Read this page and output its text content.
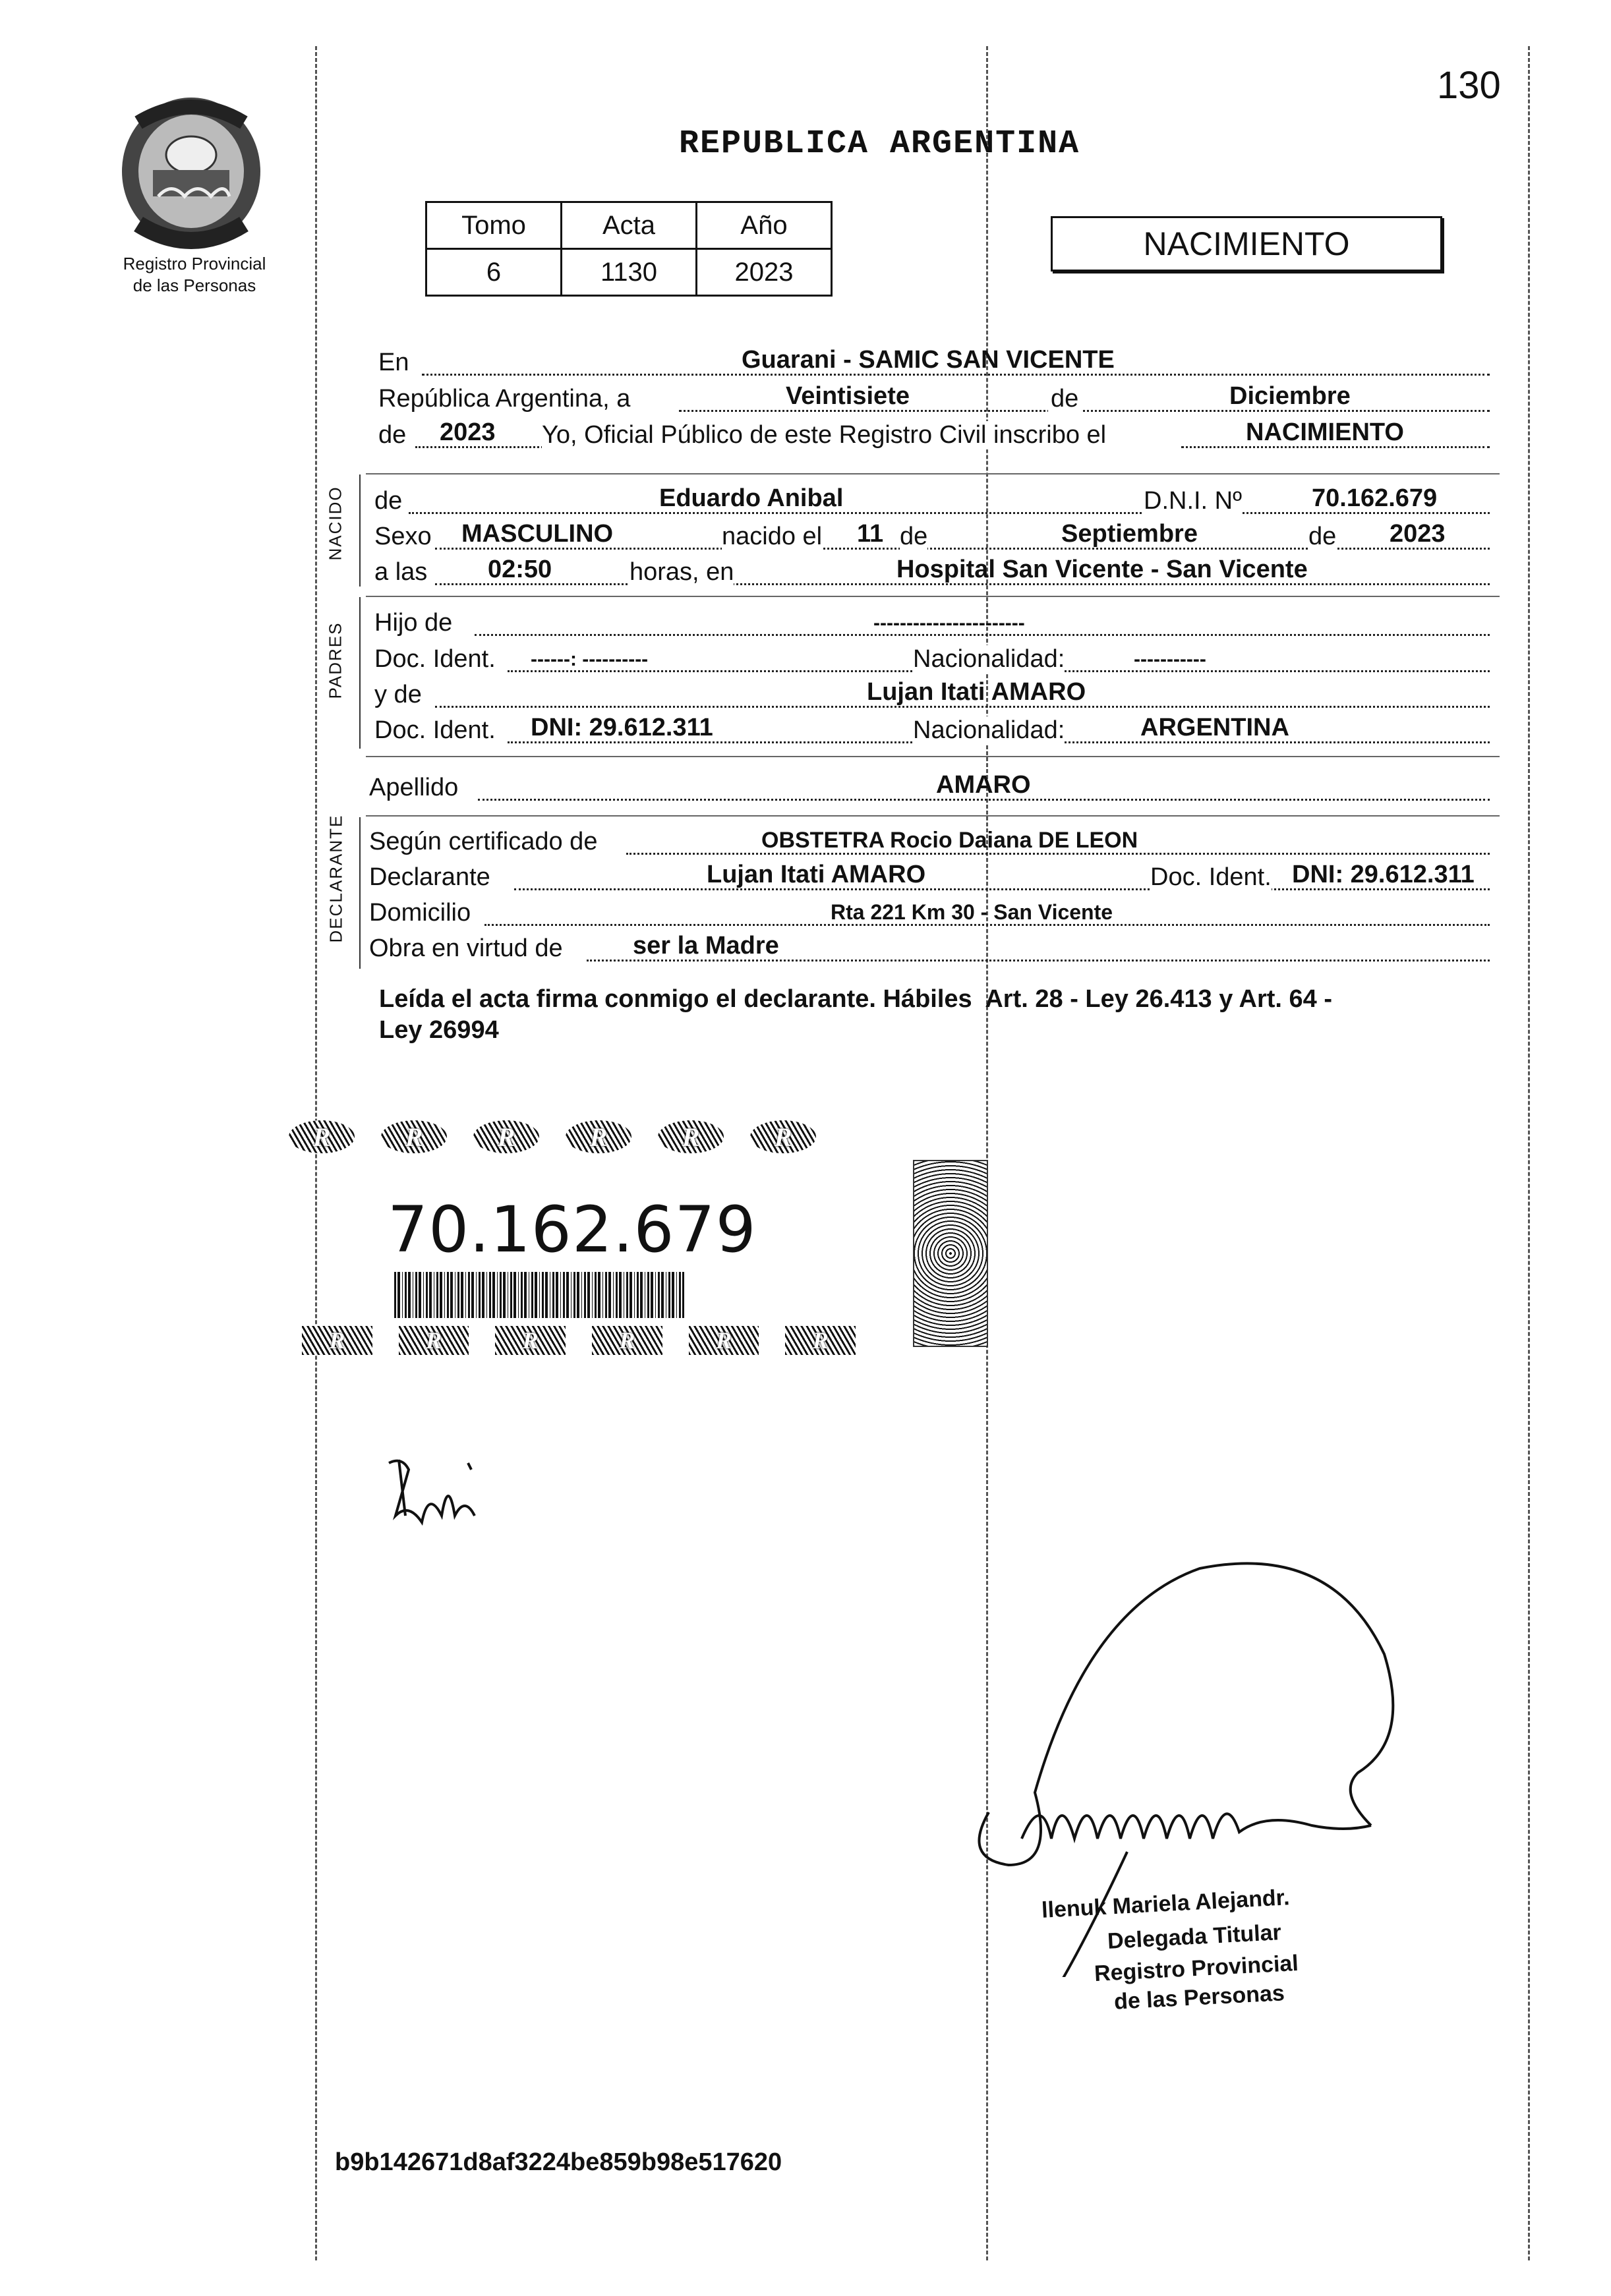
130
Registro Provincial
de las Personas
REPUBLICA ARGENTINA
Tomo	Acta	Año
6	1130	2023
NACIMIENTO
En	Guarani - SAMIC SAN VICENTE
República Argentina, a	Veintisiete	de	Diciembre
de 2023 Yo, Oficial Público de este Registro Civil inscribo el	NACIMIENTO
NACIDO de	Eduardo Anibal	D.N.I. Nº	70.162.679
Sexo MASCULINO	nacido el 11 de	Septiembre	de 2023
a las 02:50	horas, en	Hospital San Vicente - San Vicente
PADRES Hijo de	-----------------------
Doc. Ident. ------: ----------	Nacionalidad:	-----------
y de	Lujan Itati AMARO
Doc. Ident. DNI: 29.612.311	Nacionalidad:	ARGENTINA
Apellido	AMARO
DECLARANTE Según certificado de	OBSTETRA Rocio Daiana DE LEON
Declarante	Lujan Itati AMARO	Doc. Ident. DNI: 29.612.311
Domicilio	Rta 221 Km 30 - San Vicente
Obra en virtud de	ser la Madre
Leída el acta firma conmigo el declarante. Hábiles  Art. 28 - Ley 26.413 y Art. 64 -
Ley 26994
R	R	R	R	R	R
70.162.679
R	R	R	R	R	R
llenuk Mariela Alejandr.
Delegada Titular
Registro Provincial
de las Personas
b9b142671d8af3224be859b98e517620
